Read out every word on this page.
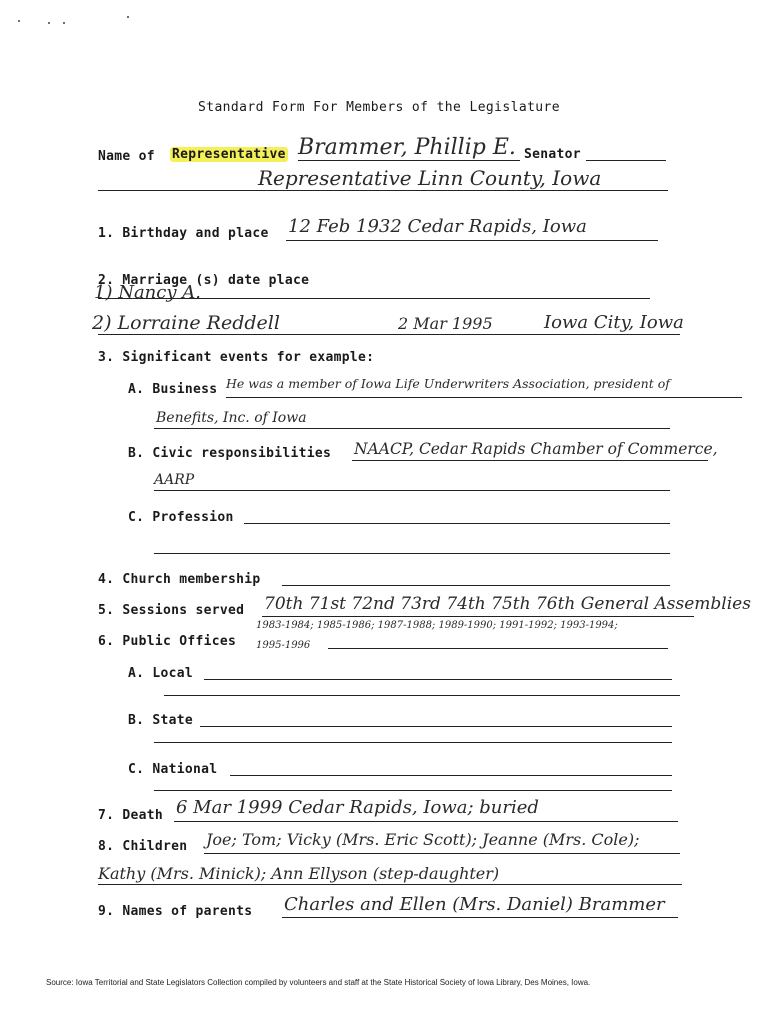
Standard Form For Members of the Legislature
Name of Representative Brammer, Phillip E. Senator
Representative Linn County, Iowa
1. Birthday and place 12 Feb 1932 Cedar Rapids, Iowa
2. Marriage (s) date place
1) Nancy A.
2) Lorraine Reddell	2 Mar 1995	Iowa City, Iowa
3. Significant events for example:
A. Business He was a member of Iowa Life Underwriters Association, president of
Benefits, Inc. of Iowa
B. Civic responsibilities NAACP, Cedar Rapids Chamber of Commerce,
AARP
C. Profession
4. Church membership
5. Sessions served 70th 71st 72nd 73rd 74th 75th 76th General Assemblies
1983-1984; 1985-1986; 1987-1988; 1989-1990; 1991-1992; 1993-1994;
6. Public Offices 1995-1996
A. Local
B. State
C. National
7. Death 6 Mar 1999 Cedar Rapids, Iowa; buried
8. Children Joe; Tom; Vicky (Mrs. Eric Scott); Jeanne (Mrs. Cole);
Kathy (Mrs. Minick); Ann Ellyson (step-daughter)
9. Names of parents Charles and Ellen (Mrs. Daniel) Brammer
Source: Iowa Territorial and State Legislators Collection compiled by volunteers and staff at the State Historical Society of Iowa Library, Des Moines, Iowa.
